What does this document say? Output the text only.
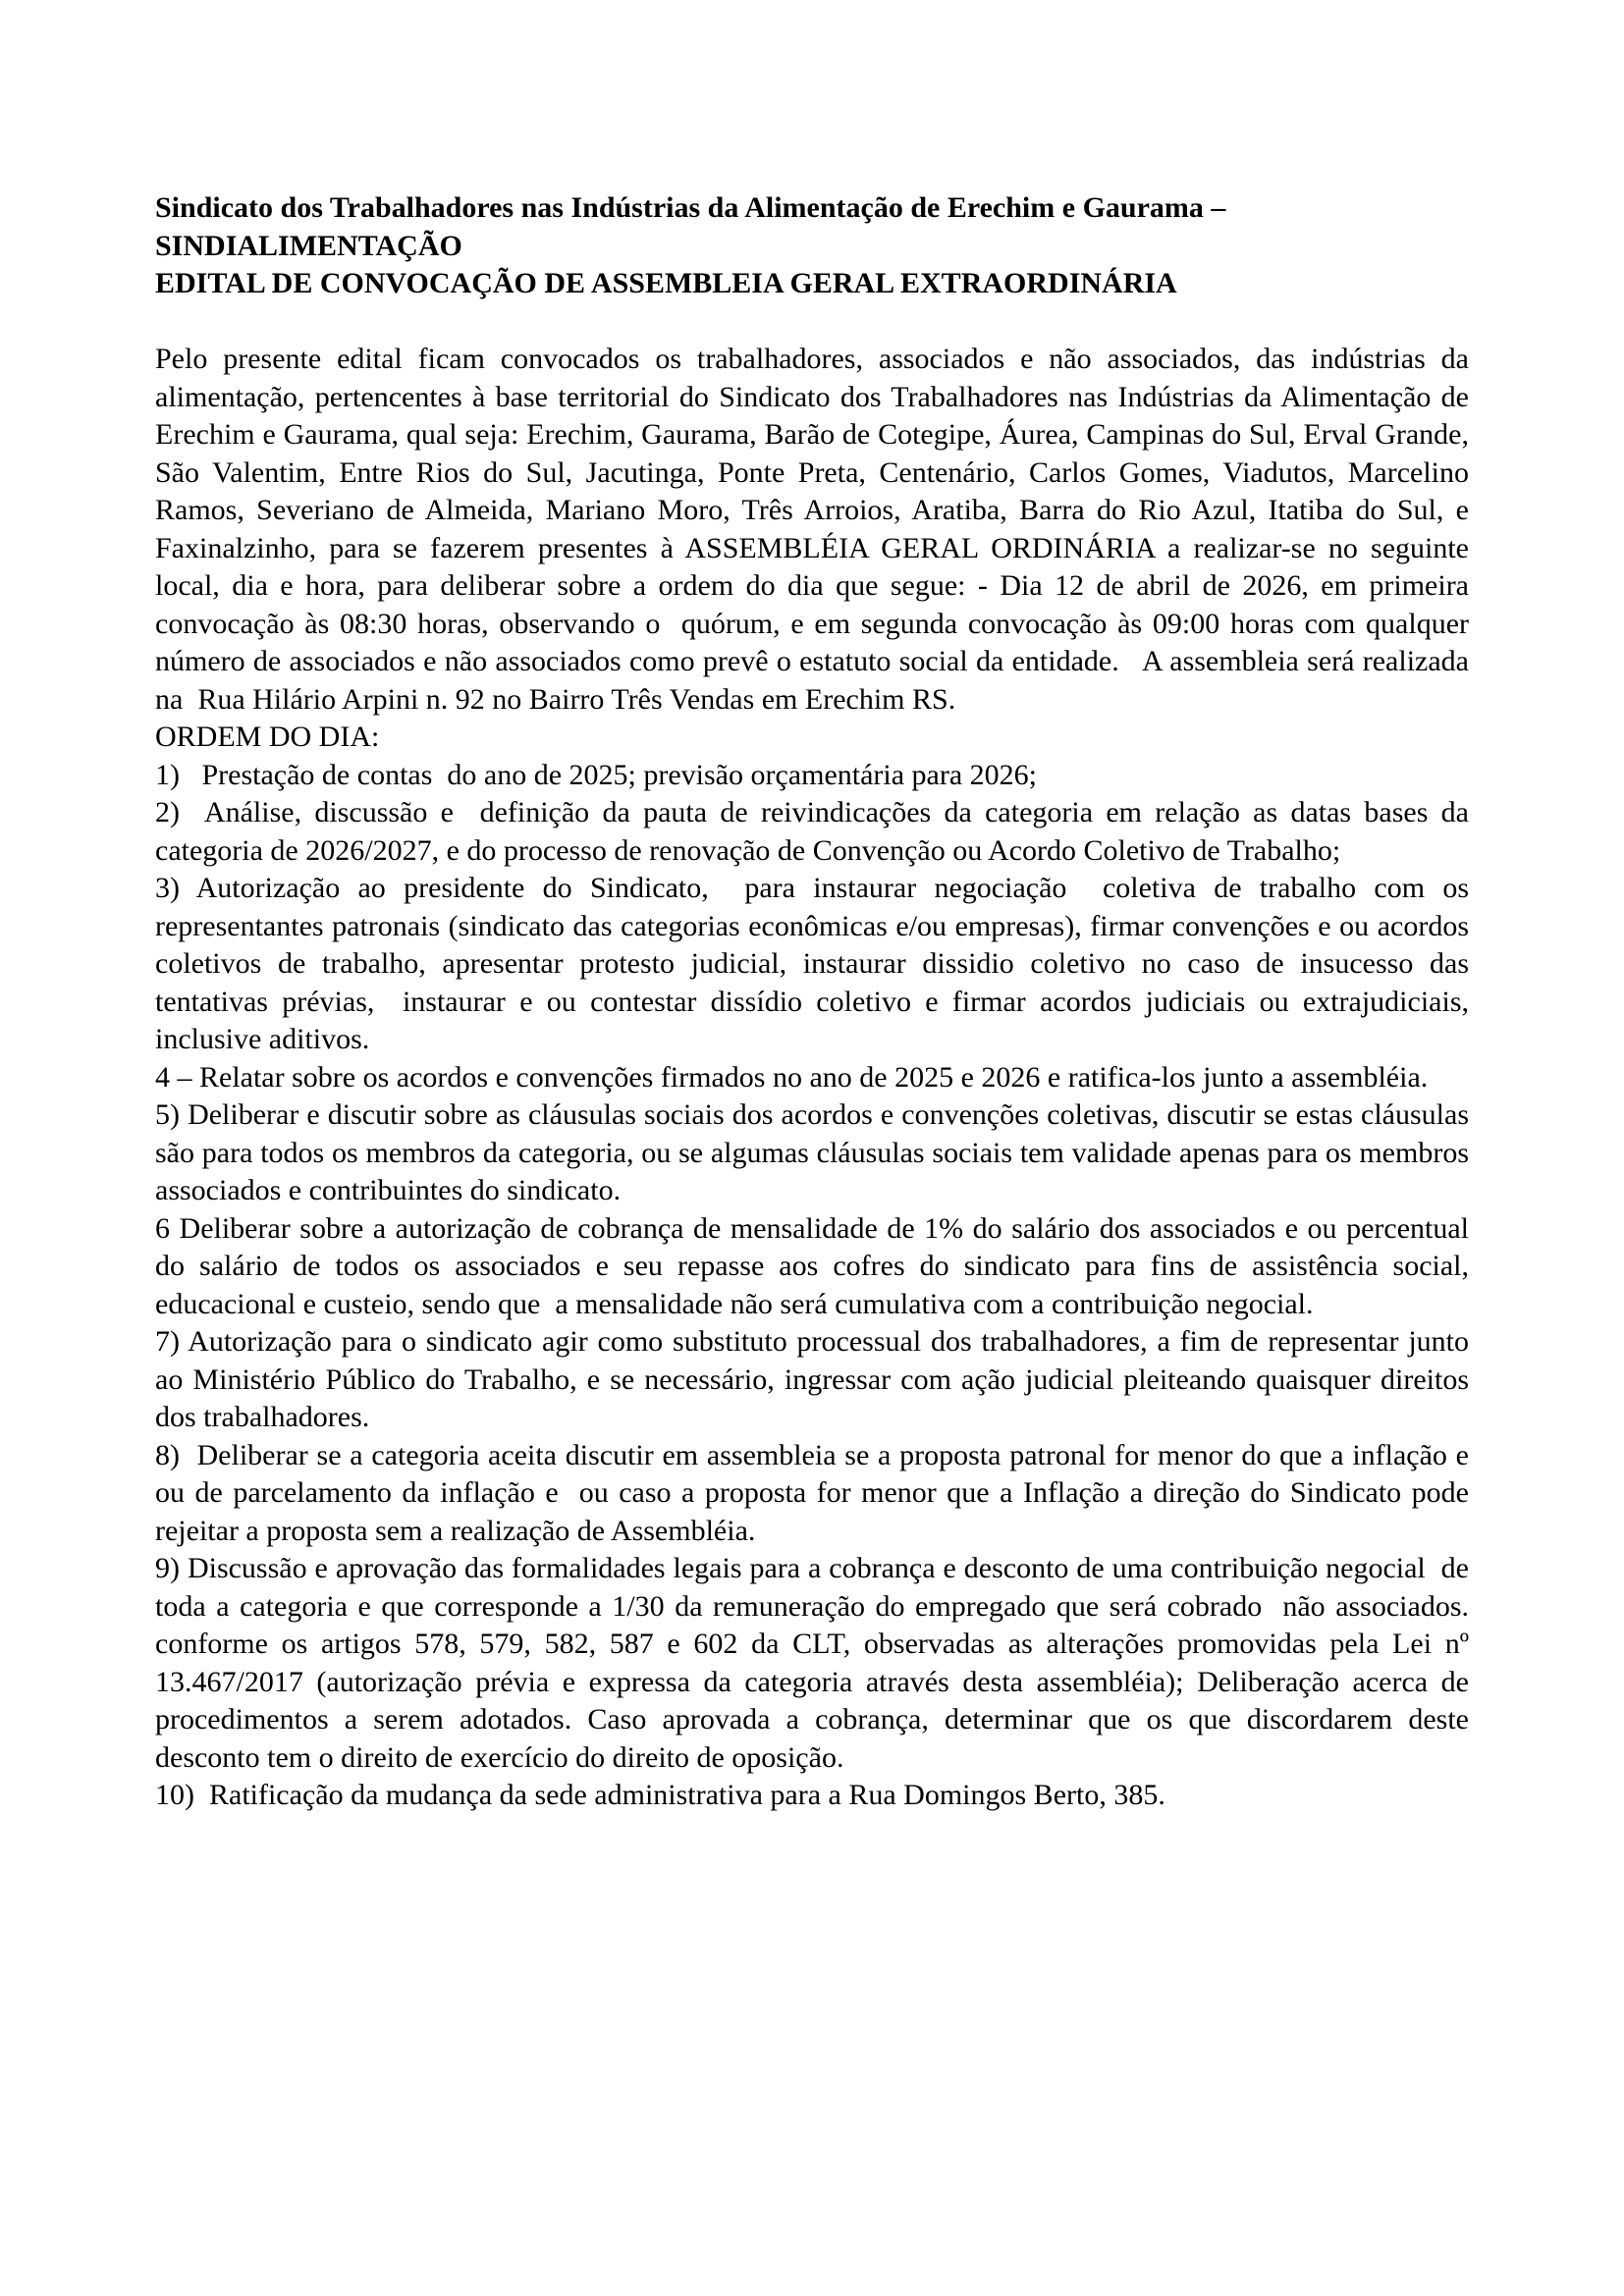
Sindicato dos Trabalhadores nas Indústrias da Alimentação de Erechim e Gaurama –
SINDIALIMENTAÇÃO
EDITAL DE CONVOCAÇÃO DE ASSEMBLEIA GERAL EXTRAORDINÁRIA

Pelo presente edital ficam convocados os trabalhadores, associados e não associados, das indústrias da alimentação, pertencentes à base territorial do Sindicato dos Trabalhadores nas Indústrias da Alimentação de Erechim e Gaurama, qual seja: Erechim, Gaurama, Barão de Cotegipe, Áurea, Campinas do Sul, Erval Grande, São Valentim, Entre Rios do Sul, Jacutinga, Ponte Preta, Centenário, Carlos Gomes, Viadutos, Marcelino Ramos, Severiano de Almeida, Mariano Moro, Três Arroios, Aratiba, Barra do Rio Azul, Itatiba do Sul, e Faxinalzinho, para se fazerem presentes à ASSEMBLÉIA GERAL ORDINÁRIA a realizar-se no seguinte local, dia e hora, para deliberar sobre a ordem do dia que segue: - Dia 12 de abril de 2026, em primeira convocação às 08:30 horas, observando o  quórum, e em segunda convocação às 09:00 horas com qualquer número de associados e não associados como prevê o estatuto social da entidade.   A assembleia será realizada   na  Rua Hilário Arpini n. 92 no Bairro Três Vendas em Erechim RS.

ORDEM DO DIA:

1)   Prestação de contas  do ano de 2025; previsão orçamentária para 2026;

2)  Análise, discussão e  definição da pauta de reivindicações da categoria em relação as datas bases da categoria de 2026/2027, e do processo de renovação de Convenção ou Acordo Coletivo de Trabalho;

3) Autorização ao presidente do Sindicato,  para instaurar negociação  coletiva de trabalho com os representantes patronais (sindicato das categorias econômicas e/ou empresas), firmar convenções e ou acordos coletivos de trabalho, apresentar protesto judicial, instaurar dissidio coletivo no caso de insucesso das tentativas prévias,  instaurar e ou contestar dissídio coletivo e firmar acordos judiciais ou extrajudiciais, inclusive aditivos.

4 – Relatar sobre os acordos e convenções firmados no ano de 2025 e 2026 e ratifica-los junto a assembléia.

5) Deliberar e discutir sobre as cláusulas sociais dos acordos e convenções coletivas, discutir se estas cláusulas são para todos os membros da categoria, ou se algumas cláusulas sociais tem validade apenas para os membros associados e contribuintes do sindicato.

6 Deliberar sobre a autorização de cobrança de mensalidade de 1% do salário dos associados e ou percentual do salário de todos os associados e seu repasse aos cofres do sindicato para fins de assistência social, educacional e custeio, sendo que  a mensalidade não será cumulativa com a contribuição negocial.

7) Autorização para o sindicato agir como substituto processual dos trabalhadores, a fim de representar junto ao Ministério Público do Trabalho, e se necessário, ingressar com ação judicial pleiteando quaisquer direitos dos trabalhadores.

8)  Deliberar se a categoria aceita discutir em assembleia se a proposta patronal for menor do que a inflação e ou de parcelamento da inflação e  ou caso a proposta for menor que a Inflação a direção do Sindicato pode rejeitar a proposta sem a realização de Assembléia.

9) Discussão e aprovação das formalidades legais para a cobrança e desconto de uma contribuição negocial  de toda a categoria e que corresponde a 1/30 da remuneração do empregado que será cobrado  não associados.  conforme os artigos 578, 579, 582, 587 e 602 da CLT, observadas as alterações promovidas pela Lei nº 13.467/2017 (autorização prévia e expressa da categoria através desta assembléia); Deliberação acerca de procedimentos a serem adotados. Caso aprovada a cobrança, determinar que os que discordarem deste desconto tem o direito de exercício do direito de oposição.

10)  Ratificação da mudança da sede administrativa para a Rua Domingos Berto, 385.
